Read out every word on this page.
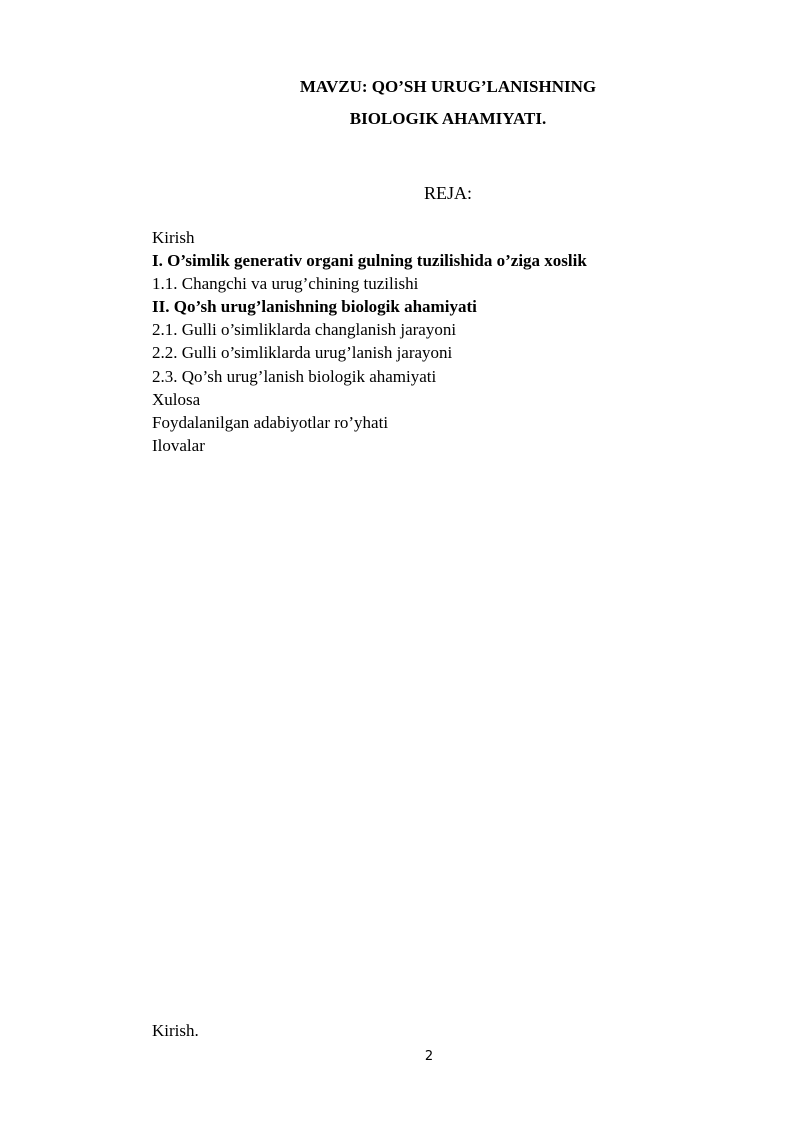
MAVZU: QO’SH URUG’LANISHNING
BIOLOGIK AHAMIYATI.
REJA:
Kirish
I. O’simlik generativ organi gulning tuzilishida o’ziga xoslik
1.1. Changchi va urug’chining tuzilishi
II. Qo’sh urug’lanishning biologik ahamiyati
2.1. Gulli o’simliklarda changlanish jarayoni
2.2. Gulli o’simliklarda urug’lanish jarayoni
2.3. Qo’sh urug’lanish biologik ahamiyati
Xulosa
Foydalanilgan adabiyotlar ro’yhati
Ilovalar
Kirish.
2
